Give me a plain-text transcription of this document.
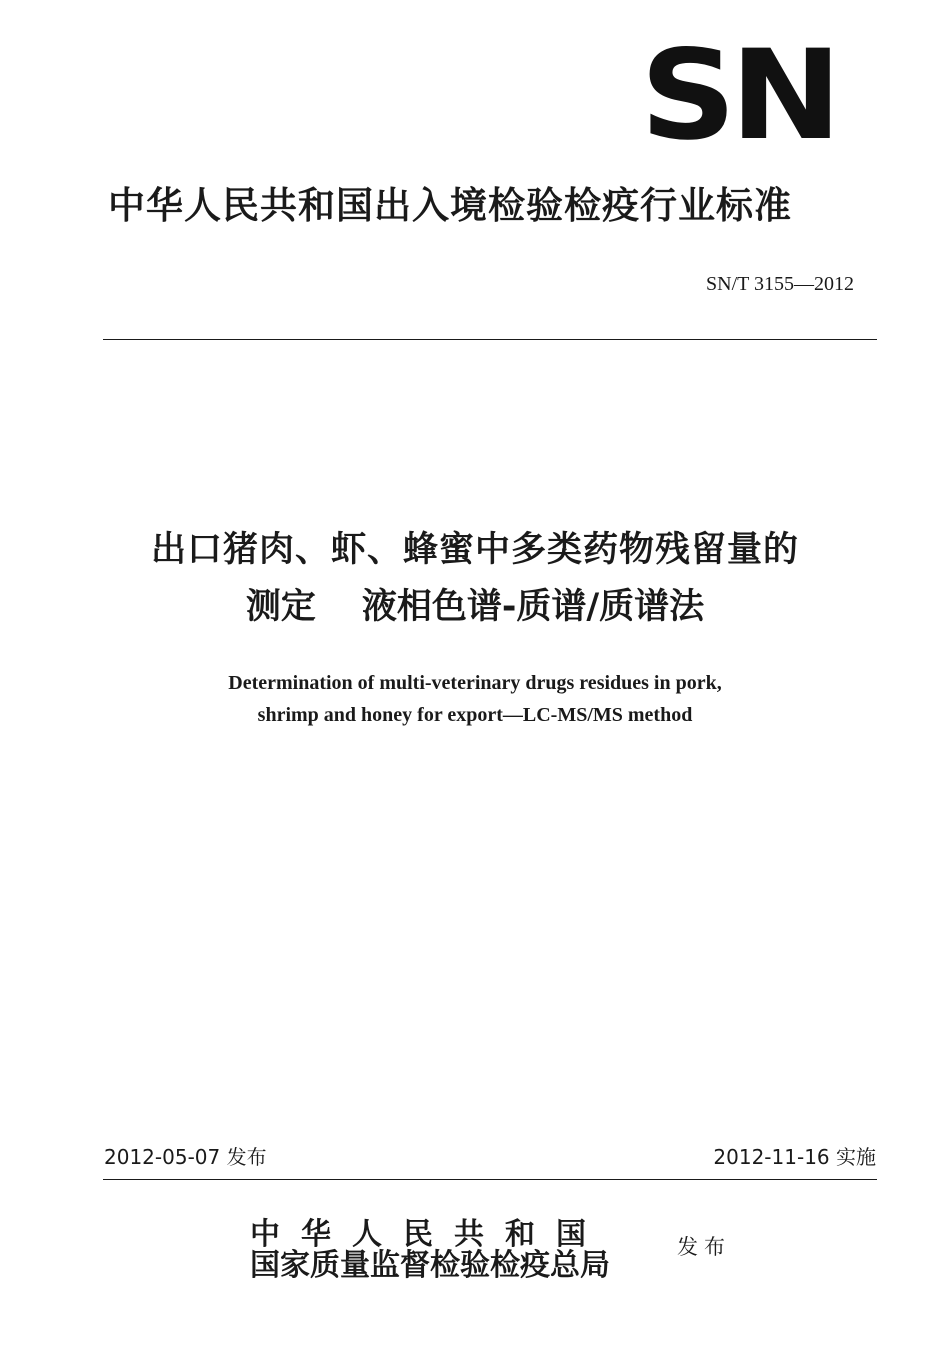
SN
中华人民共和国出入境检验检疫行业标准
SN/T 3155—2012
出口猪肉、虾、蜂蜜中多类药物残留量的
测定 液相色谱-质谱/质谱法
Determination of multi-veterinary drugs residues in pork,
shrimp and honey for export—LC-MS/MS method
2012-05-07 发布	2012-11-16 实施
中华人民共和国
国家质量监督检验检疫总局
发布
